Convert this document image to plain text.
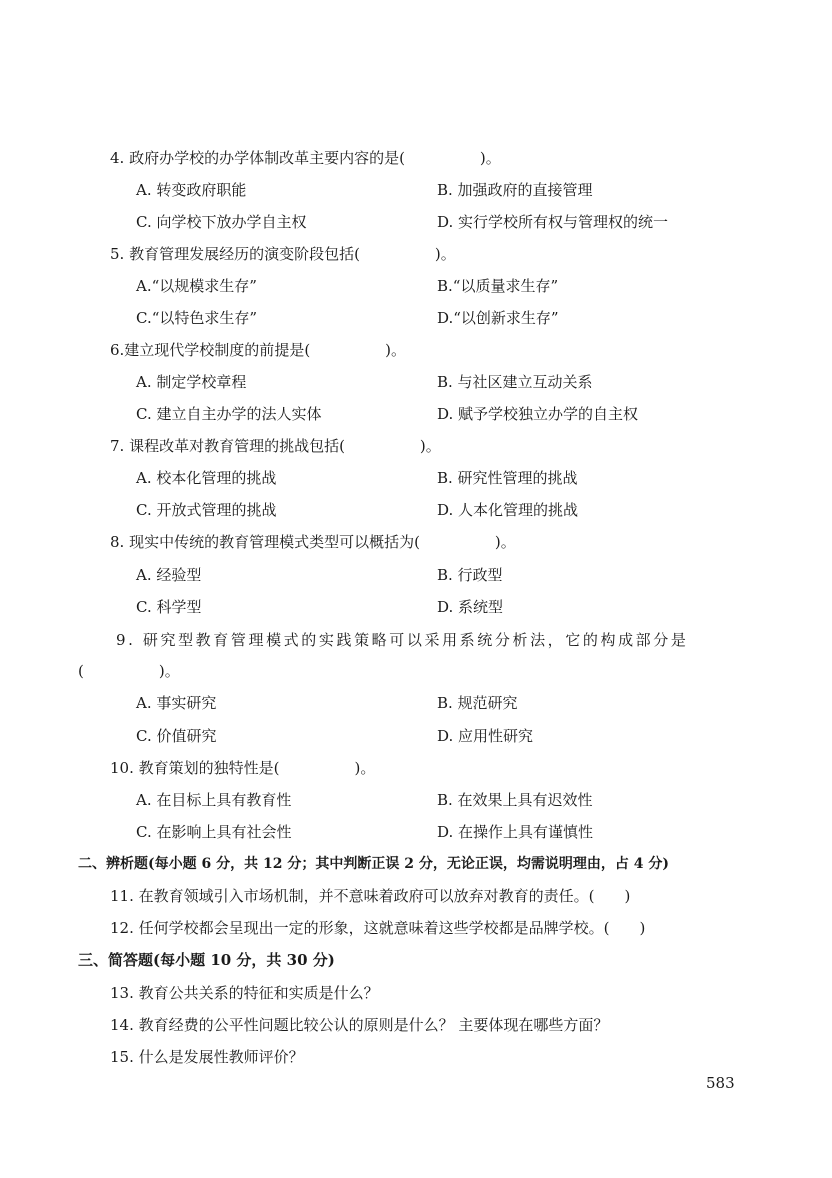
4. 政府办学校的办学体制改革主要内容的是(　　　　　)。
A. 转变政府职能	B. 加强政府的直接管理
C. 向学校下放办学自主权	D. 实行学校所有权与管理权的统一
5. 教育管理发展经历的演变阶段包括(　　　　　)。
A.“以规模求生存”	B.“以质量求生存”
C.“以特色求生存”	D.“以创新求生存”
6.建立现代学校制度的前提是(　　　　　)。
A. 制定学校章程	B. 与社区建立互动关系
C. 建立自主办学的法人实体	D. 赋予学校独立办学的自主权
7. 课程改革对教育管理的挑战包括(　　　　　)。
A. 校本化管理的挑战	B. 研究性管理的挑战
C. 开放式管理的挑战	D. 人本化管理的挑战
8. 现实中传统的教育管理模式类型可以概括为(　　　　　)。
A. 经验型	B. 行政型
C. 科学型	D. 系统型
9. 研究型教育管理模式的实践策略可以采用系统分析法，它的构成部分是
(　　　　　)。
A. 事实研究	B. 规范研究
C. 价值研究	D. 应用性研究
10. 教育策划的独特性是(　　　　　)。
A. 在目标上具有教育性	B. 在效果上具有迟效性
C. 在影响上具有社会性	D. 在操作上具有谨慎性
二、辨析题(每小题 6 分，共 12 分；其中判断正误 2 分，无论正误，均需说明理由，占 4 分)
11. 在教育领域引入市场机制，并不意味着政府可以放弃对教育的责任。(　　)
12. 任何学校都会呈现出一定的形象，这就意味着这些学校都是品牌学校。(　　)
三、简答题(每小题 10 分，共 30 分)
13. 教育公共关系的特征和实质是什么？
14. 教育经费的公平性问题比较公认的原则是什么？ 主要体现在哪些方面？
15. 什么是发展性教师评价？
583
